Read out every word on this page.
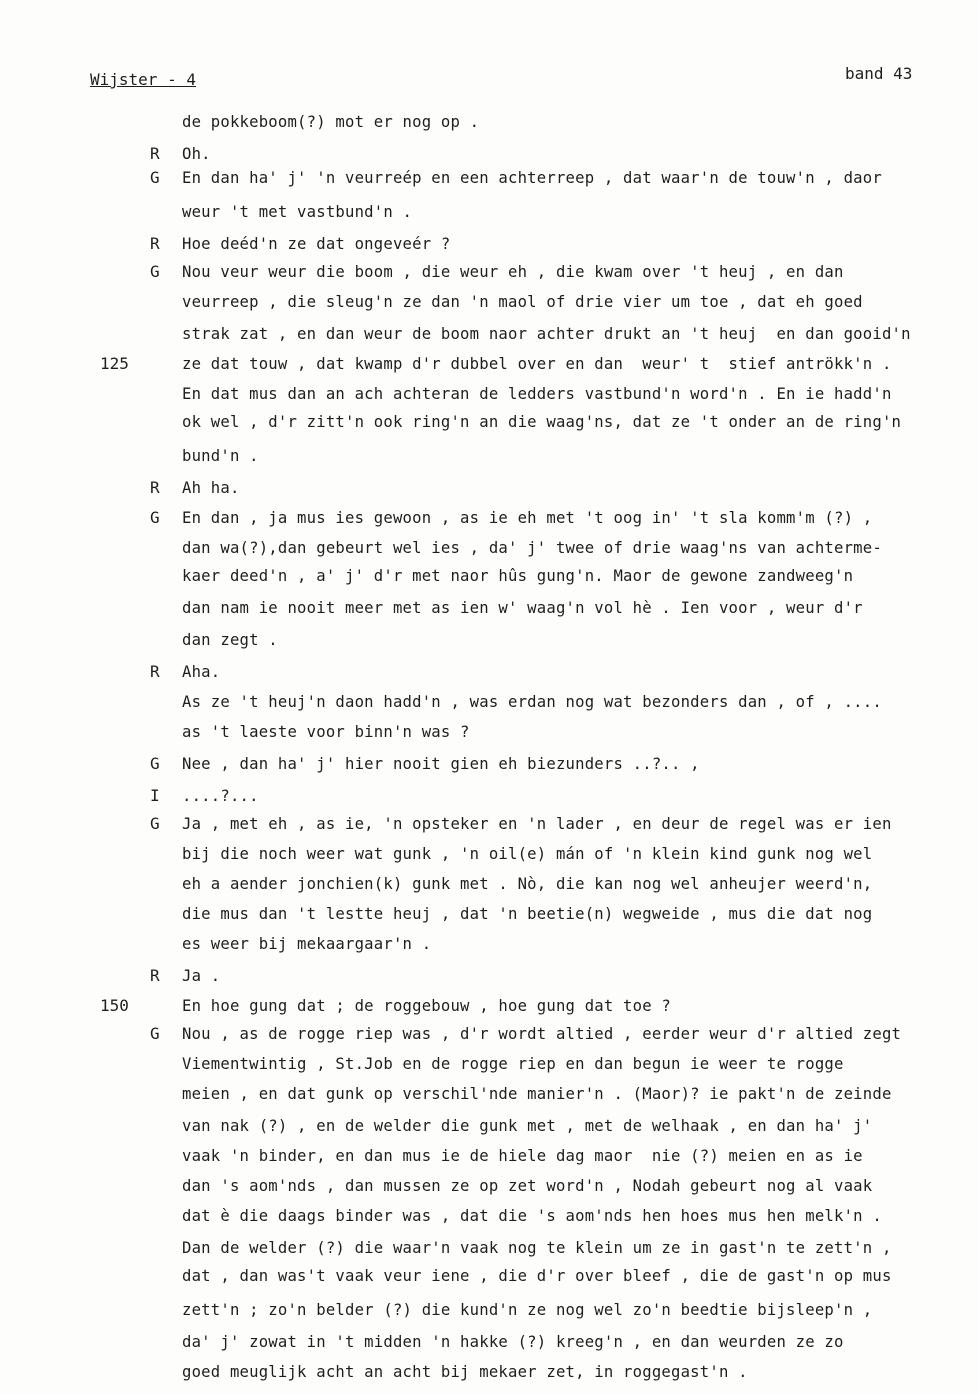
Wijster - 4	band 43
de pokkeboom(?) mot er nog op .
R	Oh.
G	En dan ha' j' 'n veurreép en een achterreep , dat waar'n de touw'n , daor
weur 't met vastbund'n .
R	Hoe deéd'n ze dat ongeveér ?
G	Nou veur weur die boom , die weur eh , die kwam over 't heuj , en dan
veurreep , die sleug'n ze dan 'n maol of drie vier um toe , dat eh goed
strak zat , en dan weur de boom naor achter drukt an 't heuj  en dan gooid'n
125	ze dat touw , dat kwamp d'r dubbel over en dan  weur' t  stief antrökk'n .
En dat mus dan an ach achteran de ledders vastbund'n word'n . En ie hadd'n
ok wel , d'r zitt'n ook ring'n an die waag'ns, dat ze 't onder an de ring'n
bund'n .
R	Ah ha.
G	En dan , ja mus ies gewoon , as ie eh met 't oog in' 't sla komm'm (?) ,
dan wa(?),dan gebeurt wel ies , da' j' twee of drie waag'ns van achterme-
kaer deed'n , a' j' d'r met naor hûs gung'n. Maor de gewone zandweeg'n
dan nam ie nooit meer met as ien w' waag'n vol hè . Ien voor , weur d'r
dan zegt .
R	Aha.
As ze 't heuj'n daon hadd'n , was erdan nog wat bezonders dan , of , ....
as 't laeste voor binn'n was ?
G	Nee , dan ha' j' hier nooit gien eh biezunders ..?.. ,
I	....?...
G	Ja , met eh , as ie, 'n opsteker en 'n lader , en deur de regel was er ien
bij die noch weer wat gunk , 'n oil(e) mán of 'n klein kind gunk nog wel
eh a aender jonchien(k) gunk met . Nò, die kan nog wel anheujer weerd'n,
die mus dan 't lestte heuj , dat 'n beetie(n) wegweide , mus die dat nog
es weer bij mekaargaar'n .
R	Ja .
150	En hoe gung dat ; de roggebouw , hoe gung dat toe ?
G	Nou , as de rogge riep was , d'r wordt altied , eerder weur d'r altied zegt
Viementwintig , St.Job en de rogge riep en dan begun ie weer te rogge
meien , en dat gunk op verschil'nde manier'n . (Maor)? ie pakt'n de zeinde
van nak (?) , en de welder die gunk met , met de welhaak , en dan ha' j'
vaak 'n binder, en dan mus ie de hiele dag maor  nie (?) meien en as ie
dan 's aom'nds , dan mussen ze op zet word'n , Nodah gebeurt nog al vaak
dat è die daags binder was , dat die 's aom'nds hen hoes mus hen melk'n .
Dan de welder (?) die waar'n vaak nog te klein um ze in gast'n te zett'n ,
dat , dan was't vaak veur iene , die d'r over bleef , die de gast'n op mus
zett'n ; zo'n belder (?) die kund'n ze nog wel zo'n beedtie bijsleep'n ,
da' j' zowat in 't midden 'n hakke (?) kreeg'n , en dan weurden ze zo
goed meuglijk acht an acht bij mekaer zet, in roggegast'n .
